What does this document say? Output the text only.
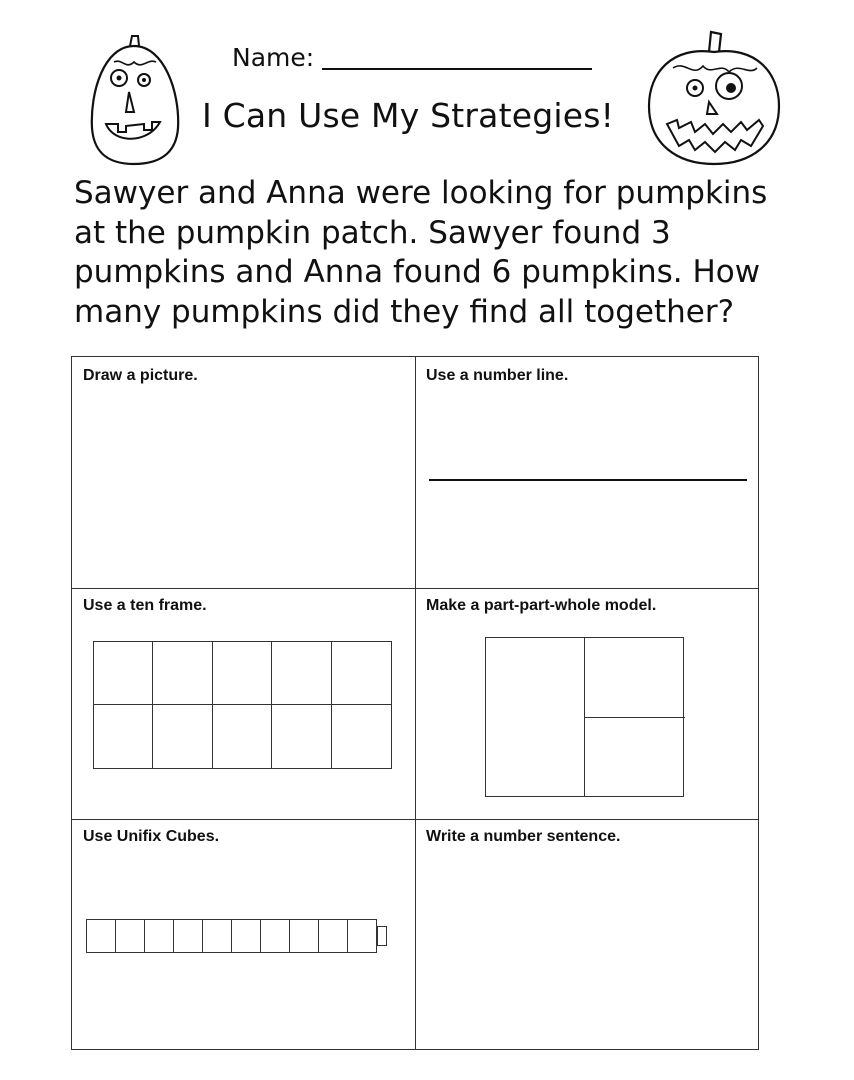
Name:
I Can Use My Strategies!

Sawyer and Anna were looking for pumpkins at the pumpkin patch. Sawyer found 3 pumpkins and Anna found 6 pumpkins. How many pumpkins did they find all together?

Draw a picture.	Use a number line.
Use a ten frame.	Make a part-part-whole model.
Use Unifix Cubes.	Write a number sentence.
